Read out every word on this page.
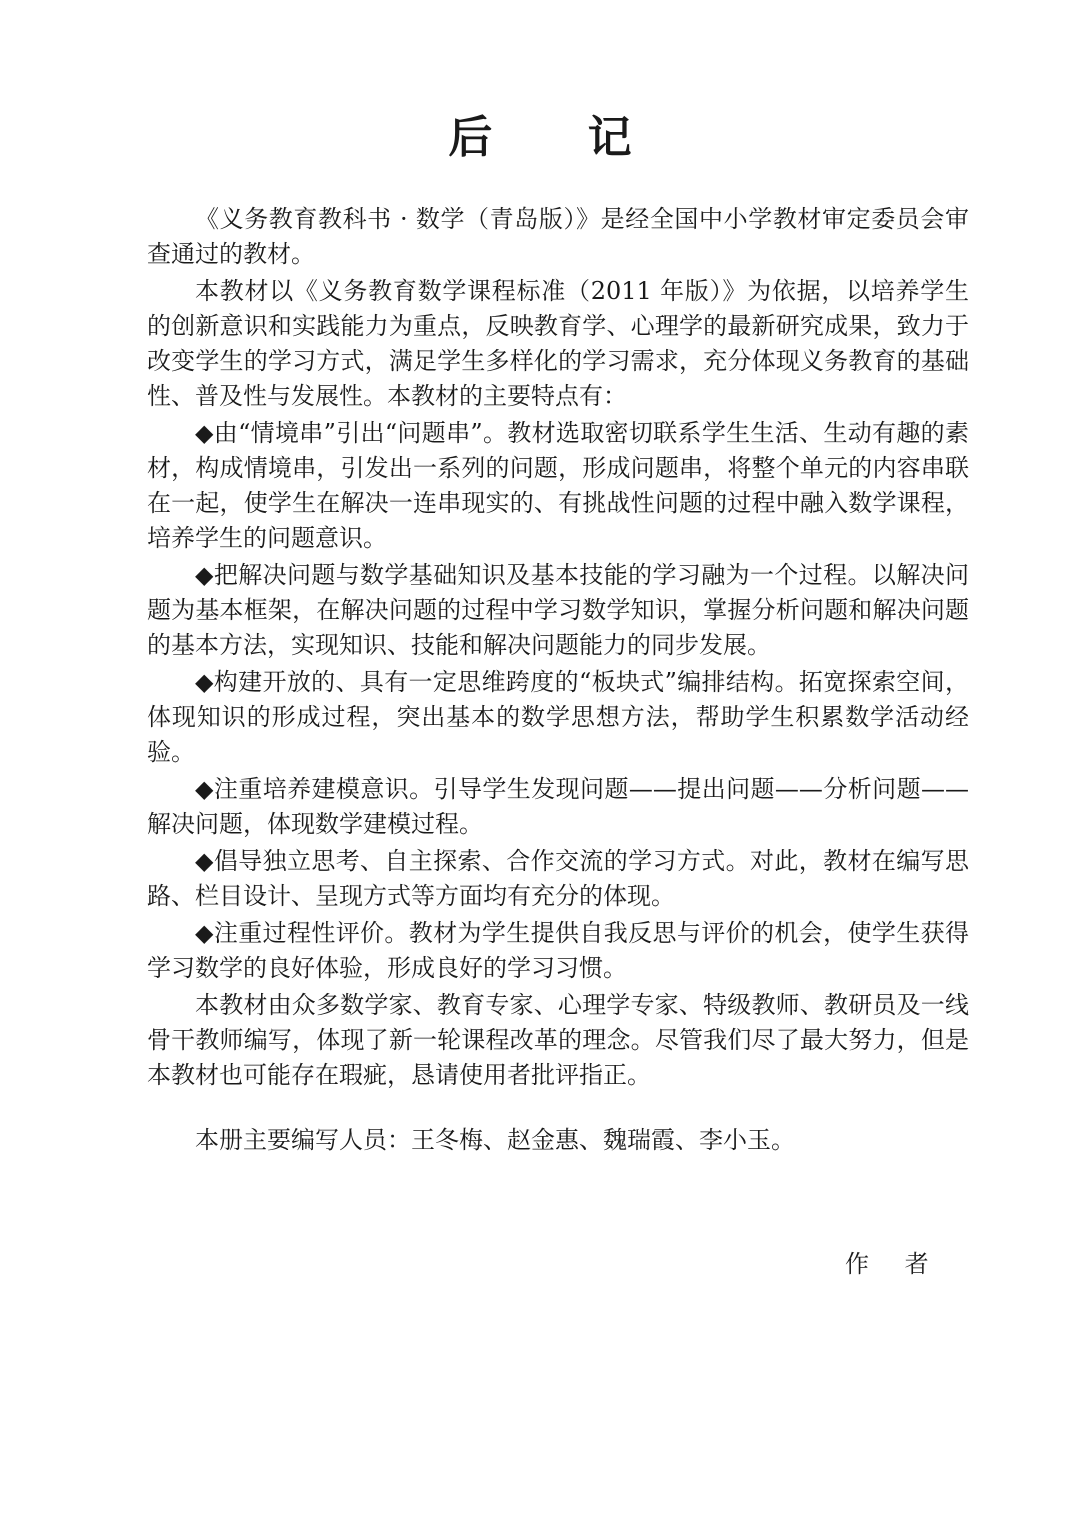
后 记

《义务教育教科书 · 数学（青岛版）》是经全国中小学教材审定委员会审查通过的教材。

本教材以《义务教育数学课程标准（2011 年版）》为依据，以培养学生的创新意识和实践能力为重点，反映教育学、心理学的最新研究成果，致力于改变学生的学习方式，满足学生多样化的学习需求，充分体现义务教育的基础性、普及性与发展性。本教材的主要特点有：

◆由“情境串”引出“问题串”。教材选取密切联系学生生活、生动有趣的素材，构成情境串，引发出一系列的问题，形成问题串，将整个单元的内容串联在一起，使学生在解决一连串现实的、有挑战性问题的过程中融入数学课程，培养学生的问题意识。

◆把解决问题与数学基础知识及基本技能的学习融为一个过程。以解决问题为基本框架，在解决问题的过程中学习数学知识，掌握分析问题和解决问题的基本方法，实现知识、技能和解决问题能力的同步发展。

◆构建开放的、具有一定思维跨度的“板块式”编排结构。拓宽探索空间，体现知识的形成过程，突出基本的数学思想方法，帮助学生积累数学活动经验。

◆注重培养建模意识。引导学生发现问题——提出问题——分析问题——解决问题，体现数学建模过程。

◆倡导独立思考、自主探索、合作交流的学习方式。对此，教材在编写思路、栏目设计、呈现方式等方面均有充分的体现。

◆注重过程性评价。教材为学生提供自我反思与评价的机会，使学生获得学习数学的良好体验，形成良好的学习习惯。

本教材由众多数学家、教育专家、心理学专家、特级教师、教研员及一线骨干教师编写，体现了新一轮课程改革的理念。尽管我们尽了最大努力，但是本教材也可能存在瑕疵，恳请使用者批评指正。

本册主要编写人员：王冬梅、赵金惠、魏瑞霞、李小玉。

作 者
